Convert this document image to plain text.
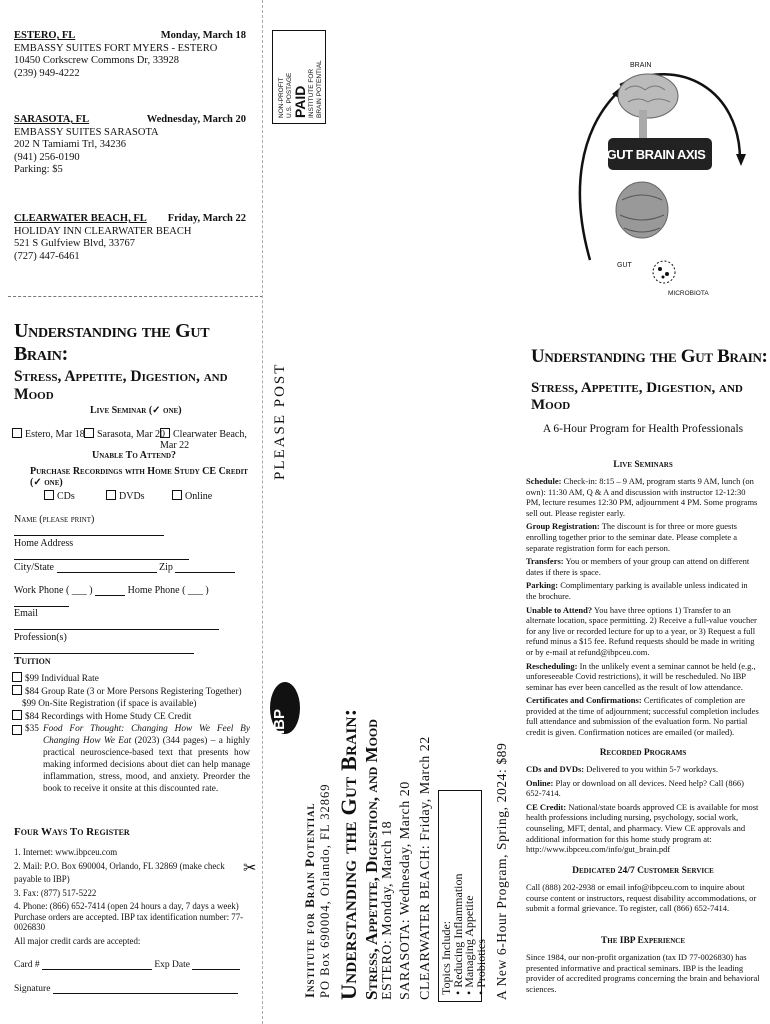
ESTERO, FL	Monday, March 18
EMBASSY SUITES FORT MYERS - ESTERO
10450 Corkscrew Commons Dr, 33928
(239) 949-4222
SARASOTA, FL	Wednesday, March 20
EMBASSY SUITES SARASOTA
202 N Tamiami Trl, 34236
(941) 256-0190
Parking: $5
CLEARWATER BEACH, FL Friday, March 22
HOLIDAY INN CLEARWATER BEACH
521 S Gulfview Blvd, 33767
(727) 447-6461
Understanding the Gut Brain:
Stress, Appetite, Digestion, and Mood
Live Seminar (✓ one)
Estero, Mar 18	Sarasota, Mar 20 Clearwater Beach, Mar 22
Unable To Attend?
Purchase Recordings with Home Study CE Credit (✓ one)
CDs	DVDs	Online
Name (please print)
Home Address
City/State	Zip
Work Phone ( ___ )	Home Phone ( ___ )
Email
Profession(s)
Tuition
$99 Individual Rate
$84 Group Rate (3 or More Persons Registering Together)
$99 On-Site Registration (if space is available)
$84 Recordings with Home Study CE Credit
$35 Food For Thought: Changing How We Feel By Changing How We Eat (2023) (344 pages) – a highly practical neuroscience-based text that presents how making informed decisions about diet can help manage inflammation, stress, mood, and anxiety. Preorder the book to receive it onsite at this discounted rate.
Four Ways To Register
1. Internet: www.ibpceu.com
2. Mail: P.O. Box 690004, Orlando, FL 32869 (make check payable to IBP)
3. Fax: (877) 517-5222
4. Phone: (866) 652-7414 (open 24 hours a day, 7 days a week)
Purchase orders are accepted. IBP tax identification number: 77-0026830
All major credit cards are accepted:
Card #	Exp Date
Signature
✂
NON-PROFIT U.S. POSTAGE PAID INSTITUTE FOR BRAIN POTENTIAL
PLEASE POST
IBP
Institute for Brain Potential PO Box 690004, Orlando, FL 32869 Understanding the Gut Brain: Stress, Appetite, Digestion, and Mood ESTERO: Monday, March 18 SARASOTA: Wednesday, March 20 CLEARWATER BEACH: Friday, March 22 Topics Include:
• Reducing Inflammation
• Managing Appetite
• Probiotics A New 6-Hour Program, Spring, 2024: $89
BRAIN
GUT BRAIN AXIS
GUT
MICROBIOTA
Understanding the Gut Brain:
Stress, Appetite, Digestion, and Mood
A 6-Hour Program for Health Professionals
Live Seminars
Schedule: Check-in: 8:15 – 9 AM, program starts 9 AM, lunch (on own): 11:30 AM, Q & A and discussion with instructor 12-12:30 PM, lecture resumes 12:30 PM, adjournment 4 PM. Some programs sell out. Please register early.
Group Registration: The discount is for three or more guests enrolling together prior to the seminar date. Please complete a separate registration form for each person.
Transfers: You or members of your group can attend on different dates if there is space.
Parking: Complimentary parking is available unless indicated in the brochure.
Unable to Attend? You have three options 1) Transfer to an alternate location, space permitting. 2) Receive a full-value voucher for any live or recorded lecture for up to a year, or 3) Request a full refund minus a $15 fee. Refund requests should be made in writing or by e-mail at refund@ibpceu.com.
Rescheduling: In the unlikely event a seminar cannot be held (e.g., unforeseeable Covid restrictions), it will be rescheduled. No IBP seminar has ever been cancelled as the result of low attendance.
Certificates and Confirmations: Certificates of completion are provided at the time of adjournment; successful completion includes full attendance and submission of the evaluation form. No partial credit is given. Confirmation notices are emailed (or mailed).
Recorded Programs
CDs and DVDs: Delivered to you within 5-7 workdays.
Online: Play or download on all devices. Need help? Call (866) 652-7414.
CE Credit: National/state boards approved CE is available for most health professions including nursing, psychology, social work, counseling, MFT, dental, and pharmacy. View CE approvals and additional information for this home study program at: http://www.ibpceu.com/info/gut_brain.pdf
Dedicated 24/7 Customer Service
Call (888) 202-2938 or email info@ibpceu.com to inquire about course content or instructors, request disability accommodations, or submit a formal grievance. To register, call (866) 652-7414.
The IBP Experience
Since 1984, our non-profit organization (tax ID 77-0026830) has presented informative and practical seminars. IBP is the leading provider of accredited programs concerning the brain and behavioral sciences.
